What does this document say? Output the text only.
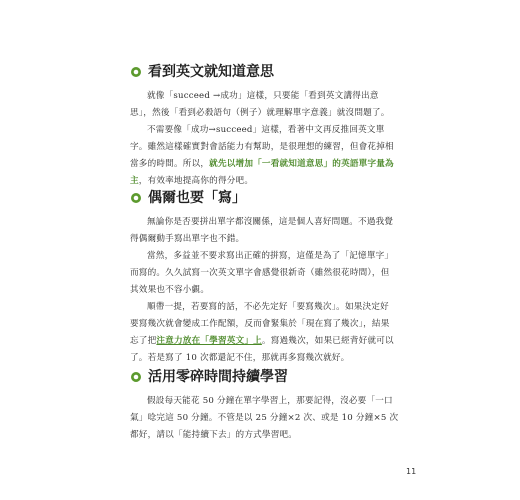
看到英文就知道意思

就像「succeed →成功」這樣，只要能「看到英文講得出意
思」，然後「看到必殺語句（例子）就理解單字意義」就沒問題了。

不需要像「成功→succeed」這樣，看著中文再反推回英文單
字。雖然這樣確實對會話能力有幫助，是很理想的練習，但會花掉相
當多的時間。所以，就先以增加「一看就知道意思」的英語單字量為
主，有效率地提高你的得分吧。

偶爾也要「寫」

無論你是否要拼出單字都沒關係，這是個人喜好問題。不過我覺
得偶爾動手寫出單字也不錯。

當然，多益並不要求寫出正確的拼寫，這僅是為了「記憶單字」
而寫的。久久試寫一次英文單字會感覺很新奇（雖然很花時間），但
其效果也不容小覷。

順帶一提，若要寫的話，不必先定好「要寫幾次」。如果決定好
要寫幾次就會變成工作配額，反而會緊集於「現在寫了幾次」，結果
忘了把注意力放在「學習英文」上。寫過幾次，如果已經背好就可以
了。若是寫了 10 次都還記不住，那就再多寫幾次就好。

活用零碎時間持續學習

假設每天能花 50 分鐘在單字學習上，那要記得，沒必要「一口
氣」唸完這 50 分鐘。不管是以 25 分鐘×2 次、或是 10 分鐘×5 次
都好，請以「能持續下去」的方式學習吧。

11
